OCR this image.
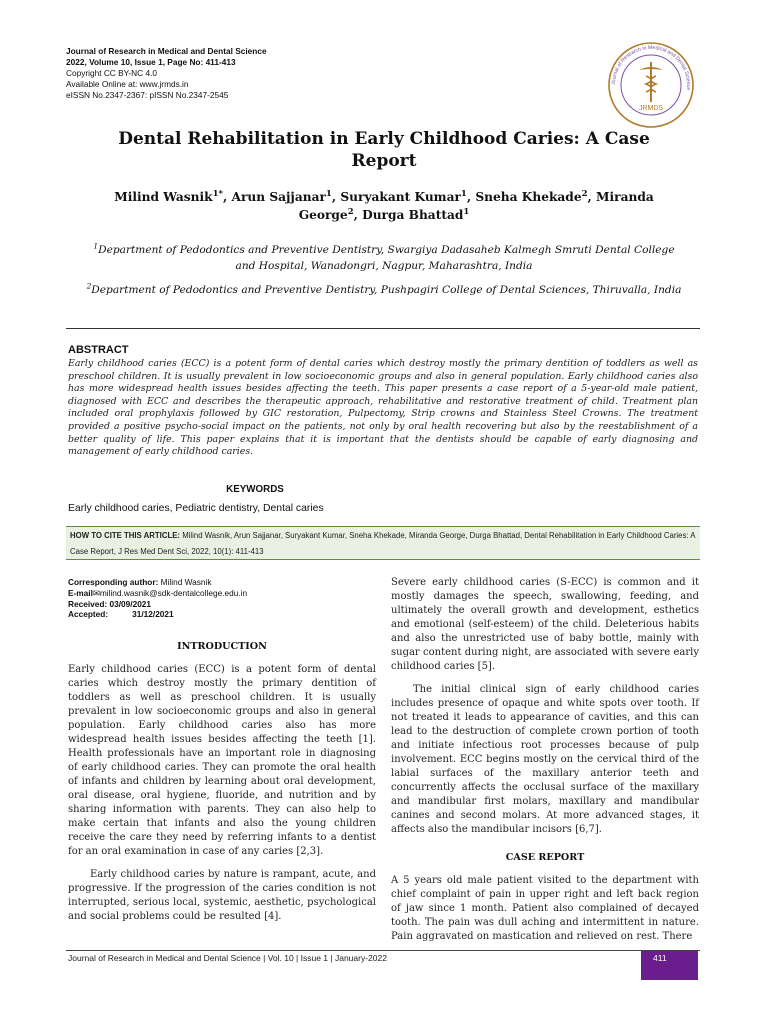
Journal of Research in Medical and Dental Science
2022, Volume 10, Issue 1, Page No: 411-413
Copyright CC BY-NC 4.0
Available Online at: www.jrmds.in
eISSN No.2347-2367: pISSN No.2347-2545
Journal of Research in Medical and Dental Science
JRMDS
Dental Rehabilitation in Early Childhood Caries: A Case Report
Milind Wasnik$^{1*}$, Arun Sajjanar$^1$, Suryakant Kumar$^1$, Sneha Khekade$^2$, Miranda George$^2$, Durga Bhattad$^1$
$^1$Department of Pedodontics and Preventive Dentistry, Swargiya Dadasaheb Kalmegh Smruti Dental College and Hospital, Wanadongri, Nagpur, Maharashtra, India
$^2$Department of Pedodontics and Preventive Dentistry, Pushpagiri College of Dental Sciences, Thiruvalla, India
ABSTRACT
Early childhood caries (ECC) is a potent form of dental caries which destroy mostly the primary dentition of toddlers as well as preschool children. It is usually prevalent in low socioeconomic groups and also in general population. Early childhood caries also has more widespread health issues besides affecting the teeth. This paper presents a case report of a 5-year-old male patient, diagnosed with ECC and describes the therapeutic approach, rehabilitative and restorative treatment of child. Treatment plan included oral prophylaxis followed by GIC restoration, Pulpectomy, Strip crowns and Stainless Steel Crowns. The treatment provided a positive psycho-social impact on the patients, not only by oral health recovering but also by the reestablishment of a better quality of life. This paper explains that it is important that the dentists should be capable of early diagnosing and management of early childhood caries.
KEYWORDS
Early childhood caries, Pediatric dentistry, Dental caries
HOW TO CITE THIS ARTICLE: Milind Wasnik, Arun Sajjanar, Suryakant Kumar, Sneha Khekade, Miranda George, Durga Bhattad, Dental Rehabilitation in Early Childhood Caries: A Case Report, J Res Med Dent Sci, 2022, 10(1): 411-413
Corresponding author: Milind Wasnik
E-mail✉milind.wasnik@sdk-dentalcollege.edu.in
Received: 03/09/2021
Accepted:	31/12/2021
INTRODUCTION

Early childhood caries (ECC) is a potent form of dental caries which destroy mostly the primary dentition of toddlers as well as preschool children. It is usually prevalent in low socioeconomic groups and also in general population. Early childhood caries also has more widespread health issues besides affecting the teeth [1]. Health professionals have an important role in diagnosing of early childhood caries. They can promote the oral health of infants and children by learning about oral development, oral disease, oral hygiene, fluoride, and nutrition and by sharing information with parents. They can also help to make certain that infants and also the young children receive the care they need by referring infants to a dentist for an oral examination in case of any caries [2,3].

Early childhood caries by nature is rampant, acute, and progressive. If the progression of the caries condition is not interrupted, serious local, systemic, aesthetic, psychological and social problems could be resulted [4].

Severe early childhood caries (S-ECC) is common and it mostly damages the speech, swallowing, feeding, and ultimately the overall growth and development, esthetics and emotional (self-esteem) of the child. Deleterious habits and also the unrestricted use of baby bottle, mainly with sugar content during night, are associated with severe early childhood caries [5].

The initial clinical sign of early childhood caries includes presence of opaque and white spots over tooth. If not treated it leads to appearance of cavities, and this can lead to the destruction of complete crown portion of tooth and initiate infectious root processes because of pulp involvement. ECC begins mostly on the cervical third of the labial surfaces of the maxillary anterior teeth and concurrently affects the occlusal surface of the maxillary and mandibular first molars, maxillary and mandibular canines and second molars. At more advanced stages, it affects also the mandibular incisors [6,7].

CASE REPORT

A 5 years old male patient visited to the department with chief complaint of pain in upper right and left back region of jaw since 1 month. Patient also complained of decayed tooth. The pain was dull aching and intermittent in nature. Pain aggravated on mastication and relieved on rest. There

Journal of Research in Medical and Dental Science | Vol. 10 | Issue 1 | January-2022	411
